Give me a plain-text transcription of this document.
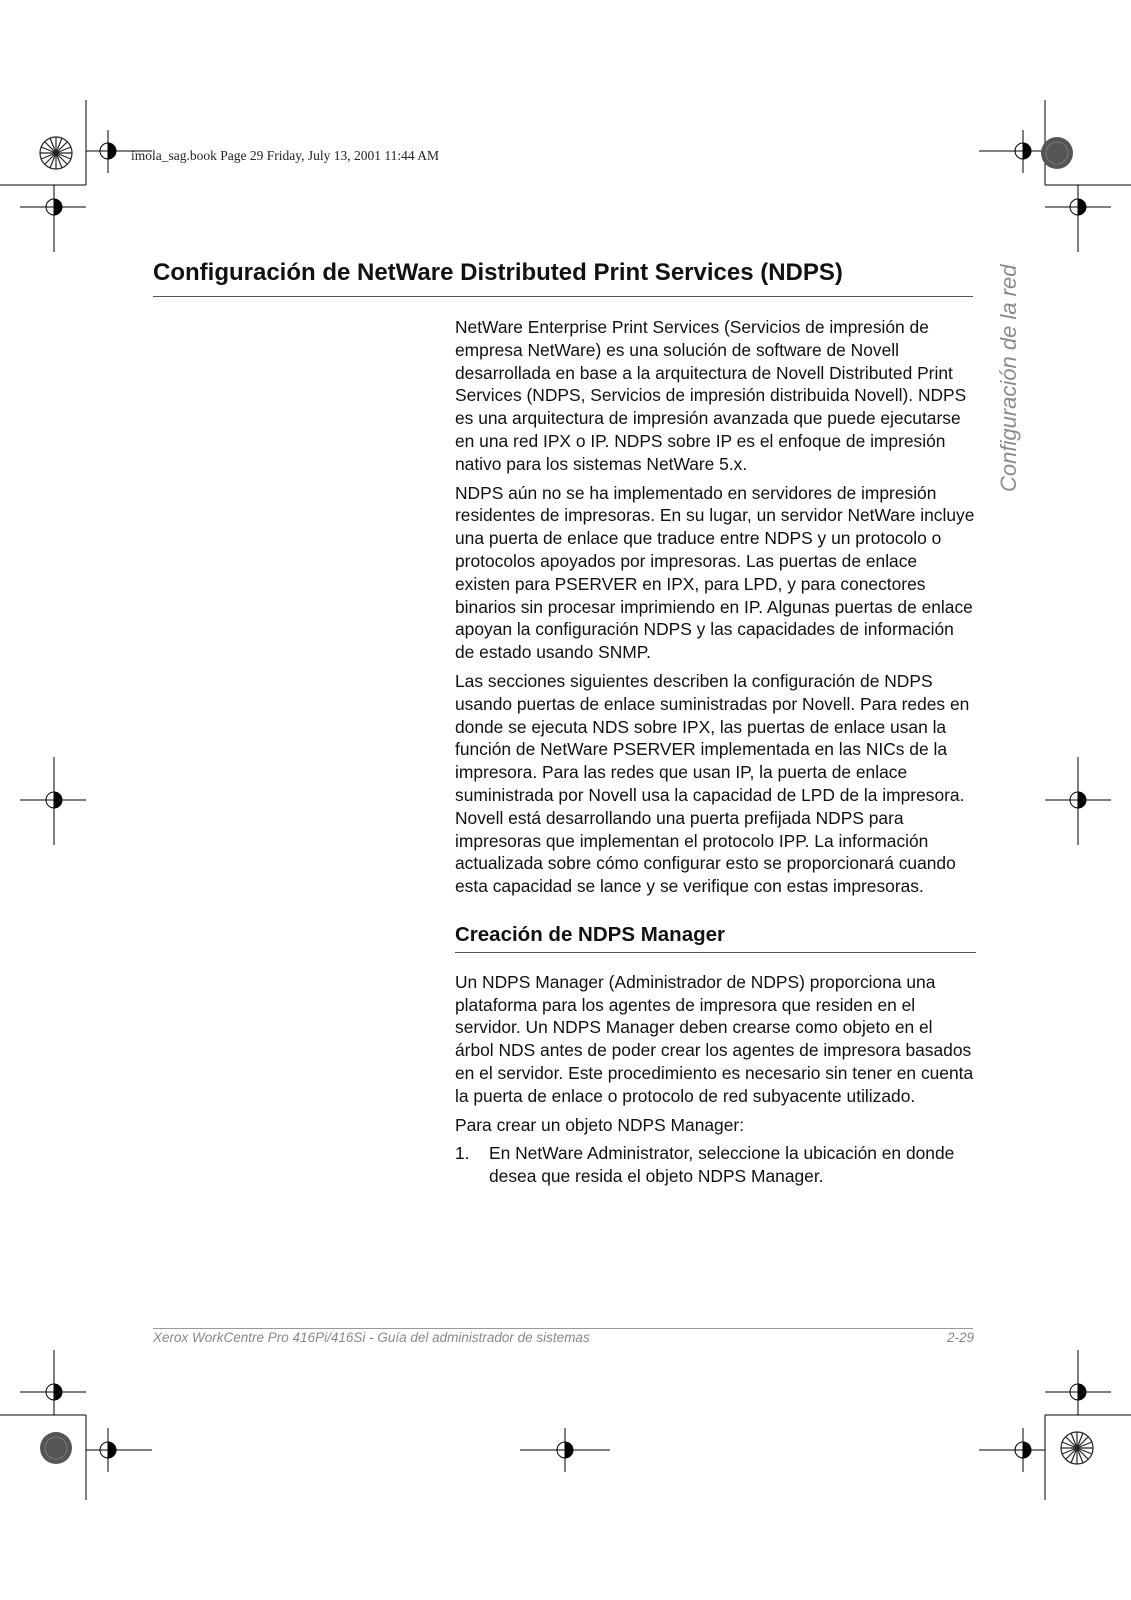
imola_sag.book Page 29 Friday, July 13, 2001 11:44 AM
Configuración de NetWare Distributed Print Services (NDPS)	Configuración de la red

NetWare Enterprise Print Services (Servicios de impresión de empresa NetWare) es una solución de software de Novell desarrollada en base a la arquitectura de Novell Distributed Print Services (NDPS, Servicios de impresión distribuida Novell). NDPS es una arquitectura de impresión avanzada que puede ejecutarse en una red IPX o IP. NDPS sobre IP es el enfoque de impresión nativo para los sistemas NetWare 5.x.

NDPS aún no se ha implementado en servidores de impresión residentes de impresoras. En su lugar, un servidor NetWare incluye una puerta de enlace que traduce entre NDPS y un protocolo o protocolos apoyados por impresoras. Las puertas de enlace existen para PSERVER en IPX, para LPD, y para conectores binarios sin procesar imprimiendo en IP. Algunas puertas de enlace apoyan la configuración NDPS y las capacidades de información de estado usando SNMP.

Las secciones siguientes describen la configuración de NDPS usando puertas de enlace suministradas por Novell. Para redes en donde se ejecuta NDS sobre IPX, las puertas de enlace usan la función de NetWare PSERVER implementada en las NICs de la impresora. Para las redes que usan IP, la puerta de enlace suministrada por Novell usa la capacidad de LPD de la impresora. Novell está desarrollando una puerta prefijada NDPS para impresoras que implementan el protocolo IPP. La información actualizada sobre cómo configurar esto se proporcionará cuando esta capacidad se lance y se verifique con estas impresoras.

Creación de NDPS Manager

Un NDPS Manager (Administrador de NDPS) proporciona una plataforma para los agentes de impresora que residen en el servidor. Un NDPS Manager deben crearse como objeto en el árbol NDS antes de poder crear los agentes de impresora basados en el servidor. Este procedimiento es necesario sin tener en cuenta la puerta de enlace o protocolo de red subyacente utilizado.

Para crear un objeto NDPS Manager:

1.	En NetWare Administrator, seleccione la ubicación en donde desea que resida el objeto NDPS Manager.
Xerox WorkCentre Pro 416Pi/416Si - Guía del administrador de sistemas	2-29
